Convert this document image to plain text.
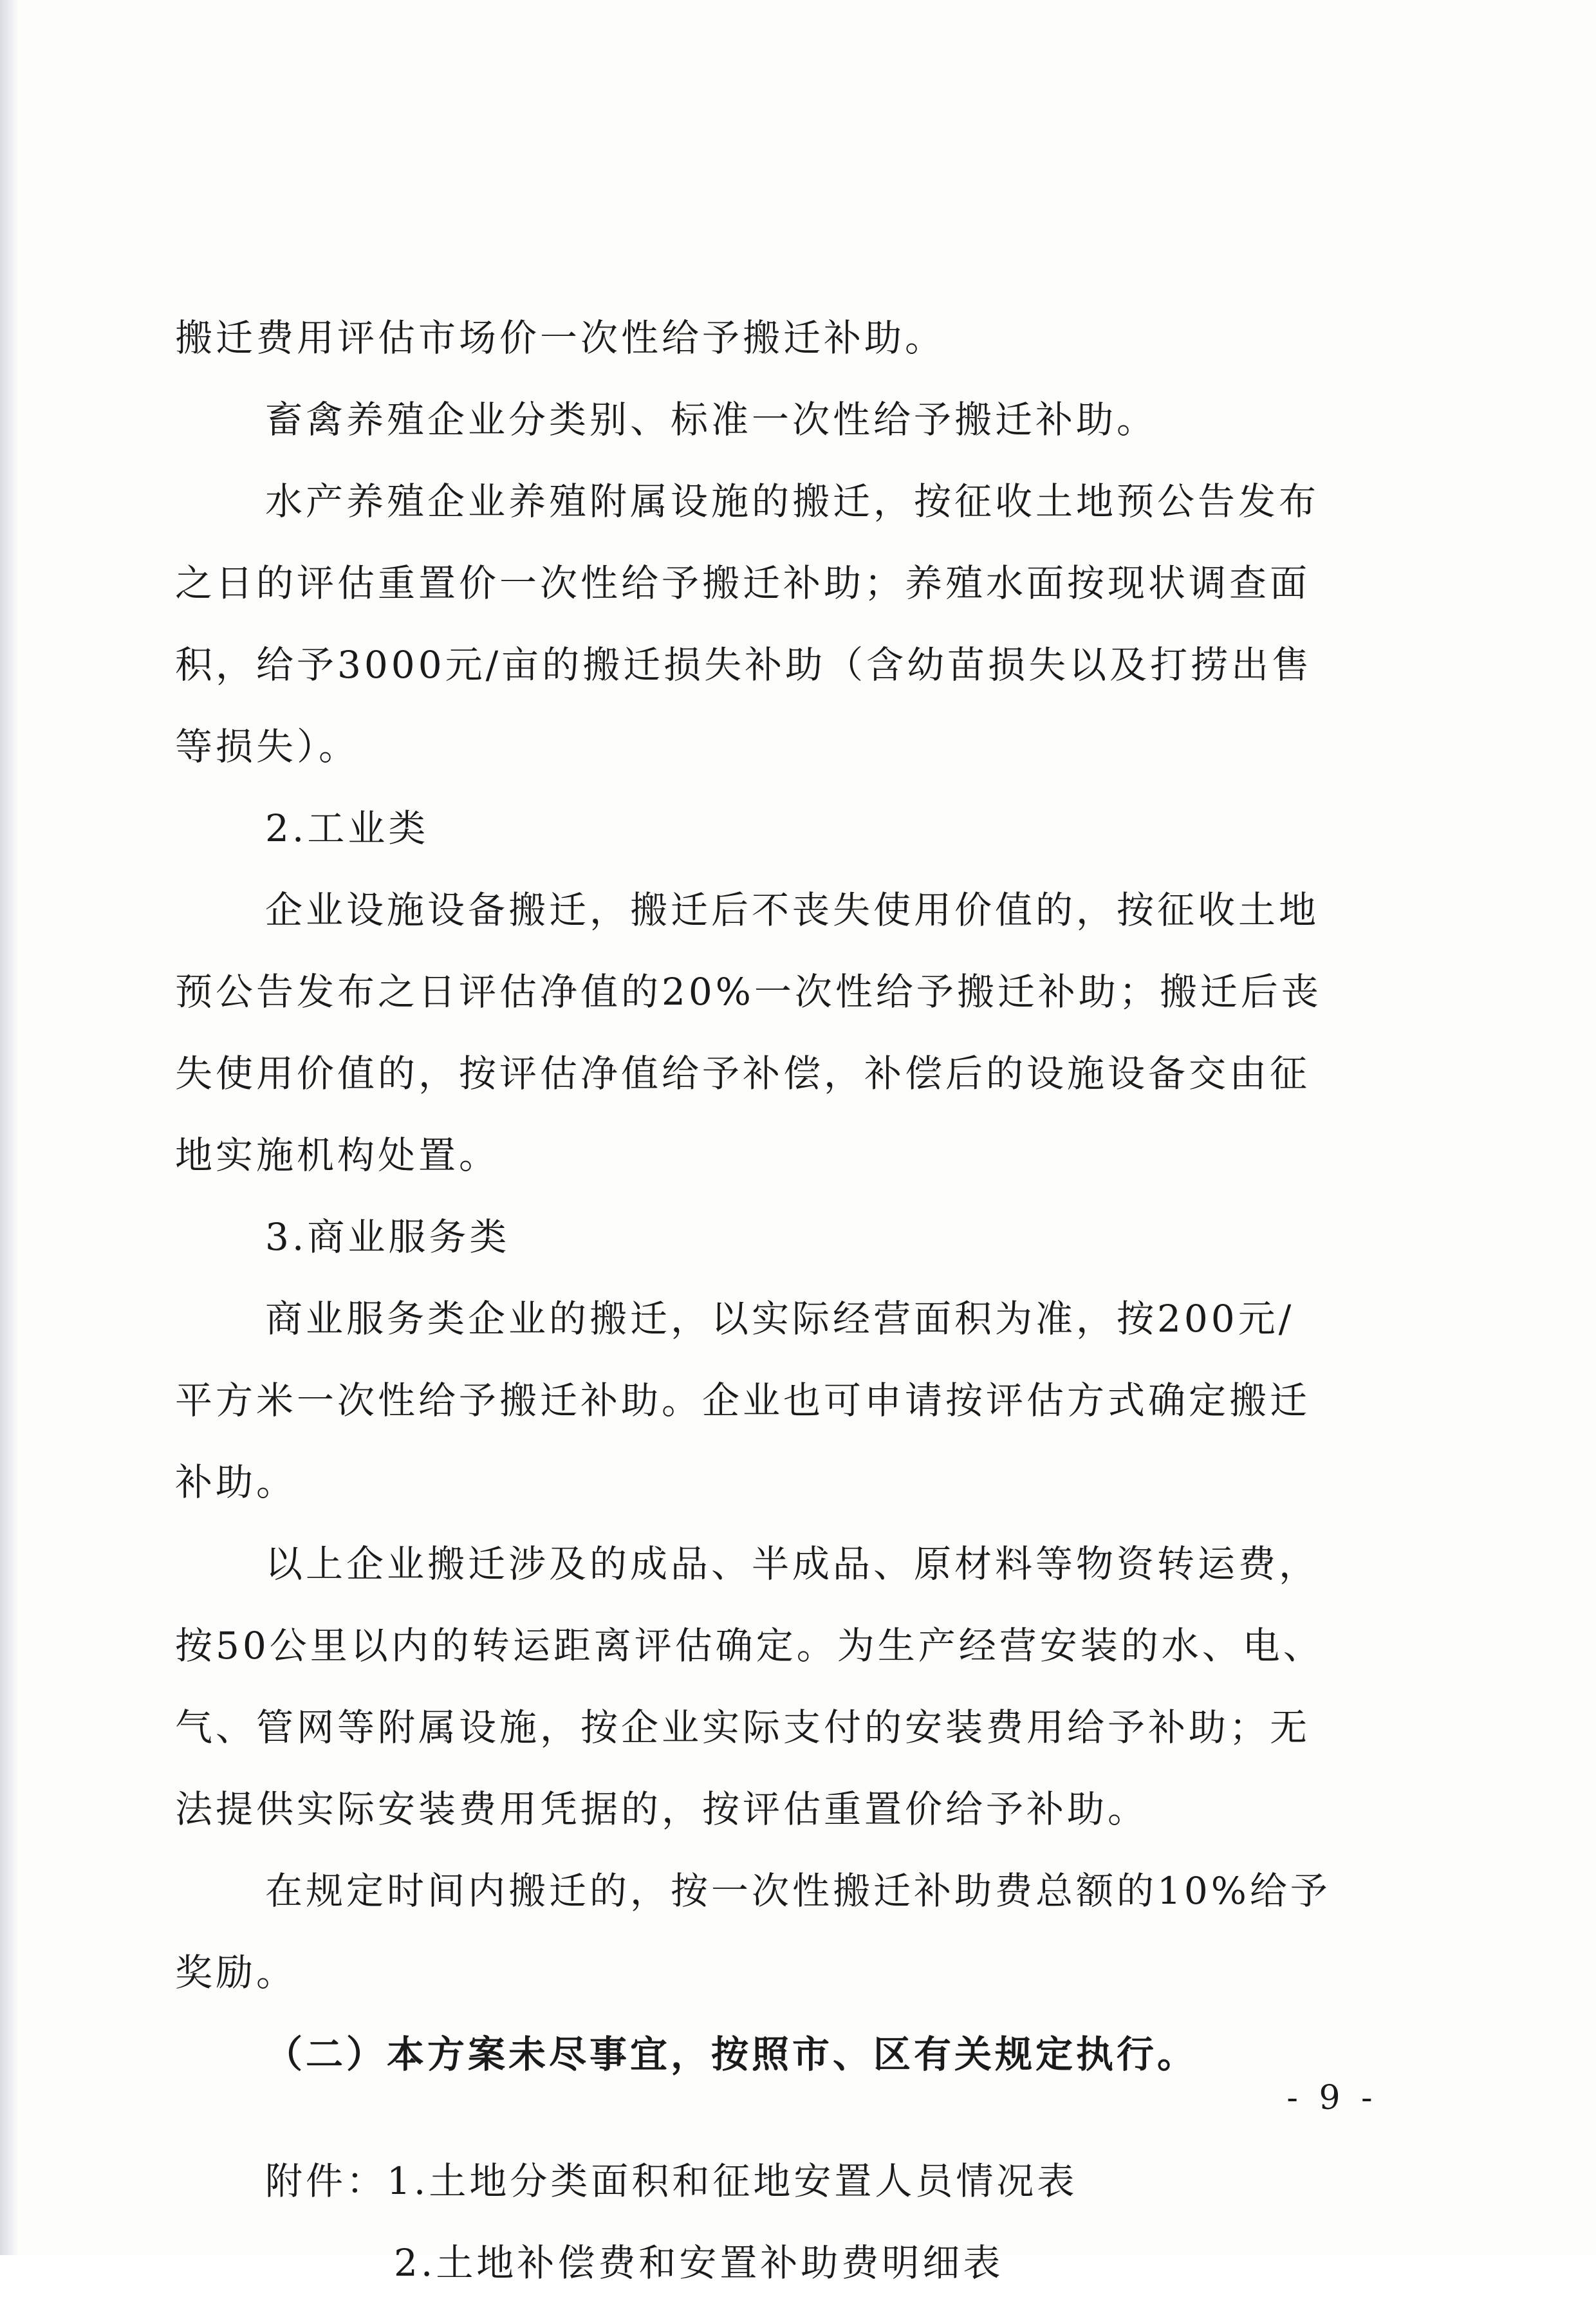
搬迁费用评估市场价一次性给予搬迁补助。
畜禽养殖企业分类别、标准一次性给予搬迁补助。
水产养殖企业养殖附属设施的搬迁，按征收土地预公告发布
之日的评估重置价一次性给予搬迁补助；养殖水面按现状调查面
积，给予3000元/亩的搬迁损失补助（含幼苗损失以及打捞出售
等损失）。
2.工业类
企业设施设备搬迁，搬迁后不丧失使用价值的，按征收土地
预公告发布之日评估净值的20%一次性给予搬迁补助；搬迁后丧
失使用价值的，按评估净值给予补偿，补偿后的设施设备交由征
地实施机构处置。
3.商业服务类
商业服务类企业的搬迁，以实际经营面积为准，按200元/
平方米一次性给予搬迁补助。企业也可申请按评估方式确定搬迁
补助。
以上企业搬迁涉及的成品、半成品、原材料等物资转运费，
按50公里以内的转运距离评估确定。为生产经营安装的水、电、
气、管网等附属设施，按企业实际支付的安装费用给予补助；无
法提供实际安装费用凭据的，按评估重置价给予补助。
在规定时间内搬迁的，按一次性搬迁补助费总额的10%给予
奖励。
（二）本方案未尽事宜，按照市、区有关规定执行。
附件：1.土地分类面积和征地安置人员情况表
2.土地补偿费和安置补助费明细表
- 9 -
